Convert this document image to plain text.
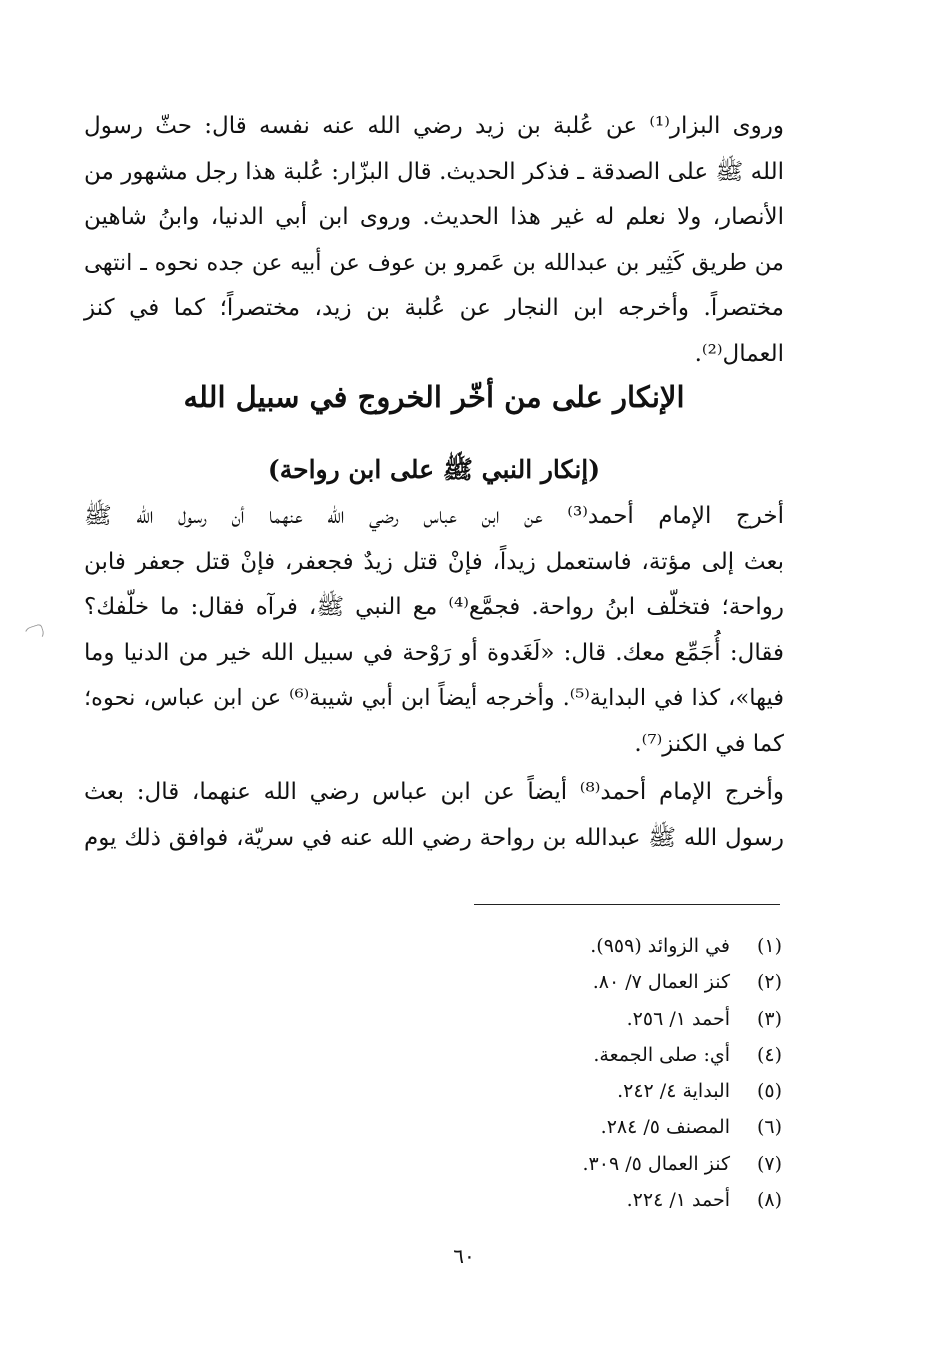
وروى البزار⁽¹⁾ عن عُلبة بن زيد رضي الله عنه نفسه قال: حثّ رسول
الله ﷺ على الصدقة ـ فذكر الحديث. قال البزّار: عُلبة هذا رجل مشهور من
الأنصار، ولا نعلم له غير هذا الحديث. وروى ابن أبي الدنيا، وابنُ شاهين
من طريق كَثِير بن عبدالله بن عَمرو بن عوف عن أبيه عن جده نحوه ـ انتهى
مختصراً. وأخرجه ابن النجار عن عُلبة بن زيد، مختصراً؛ كما في كنز
العمال⁽²⁾.
الإنكار على من أخّر الخروج في سبيل الله
(إنكار النبي ﷺ على ابن رواحة)
أخرج الإمام أحمد⁽³⁾ عن ابن عباس رضي الله عنهما أن رسول الله ﷺ
بعث إلى مؤتة، فاستعمل زيداً، فإنْ قتل زيدٌ فجعفر، فإنْ قتل جعفر فابن
رواحة؛ فتخلّف ابنُ رواحة. فجمَّع⁽⁴⁾ مع النبي ﷺ، فرآه فقال: ما خلّفك؟
فقال: أُجَمِّع معك. قال: «لَغَدوة أو رَوْحة في سبيل الله خير من الدنيا وما
فيها»، كذا في البداية⁽⁵⁾. وأخرجه أيضاً ابن أبي شيبة⁽⁶⁾ عن ابن عباس، نحوه؛
كما في الكنز⁽⁷⁾.
وأخرج الإمام أحمد⁽⁸⁾ أيضاً عن ابن عباس رضي الله عنهما، قال: بعث
رسول الله ﷺ عبدالله بن رواحة رضي الله عنه في سريّة، فوافق ذلك يوم
(١)
في الزوائد (٩٥٩).
(٢)
كنز العمال ٧/ ٨٠.
(٣)
أحمد ١/ ٢٥٦.
(٤)
أي: صلى الجمعة.
(٥)
البداية ٤/ ٢٤٢.
(٦)
المصنف ٥/ ٢٨٤.
(٧)
كنز العمال ٥/ ٣٠٩.
(٨)
أحمد ١/ ٢٢٤.
٦٠
